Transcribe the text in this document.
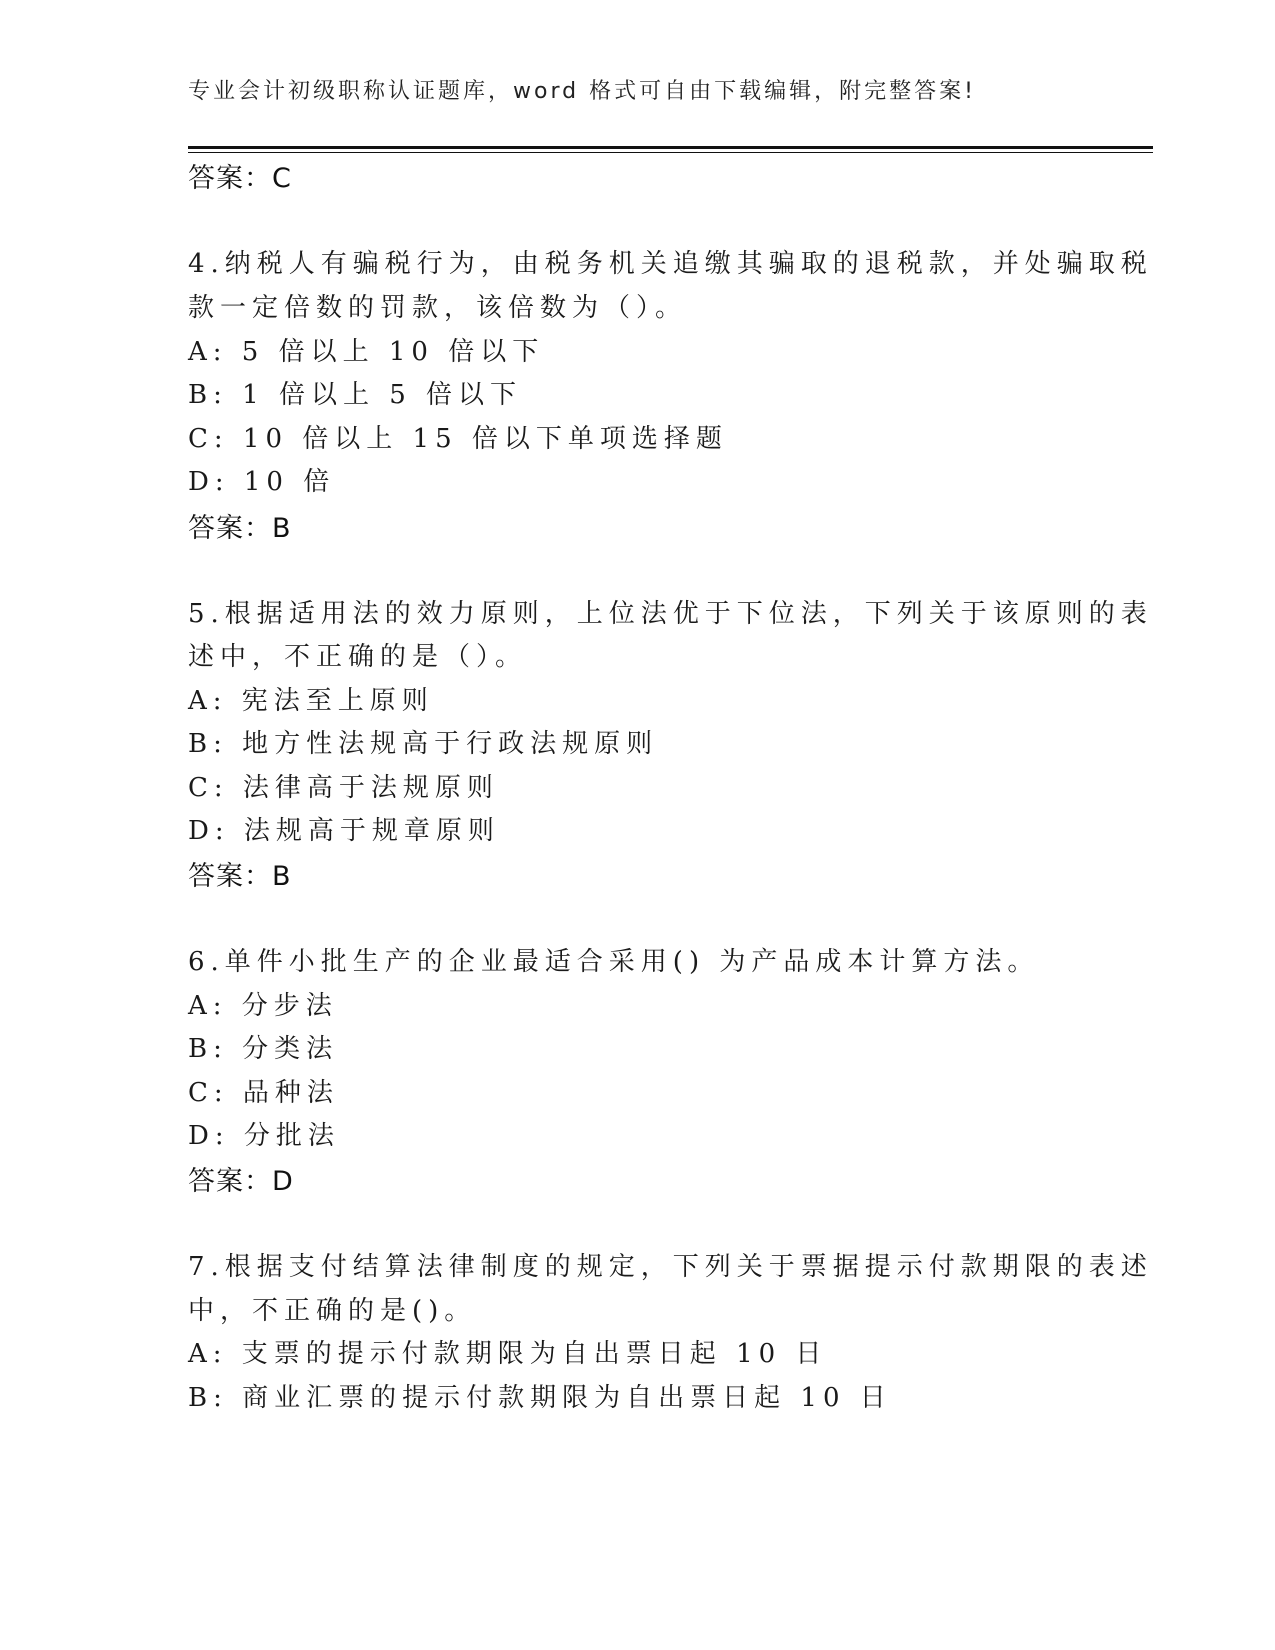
专业会计初级职称认证题库，word 格式可自由下载编辑，附完整答案!
答案：C
4.纳税人有骗税行为，由税务机关追缴其骗取的退税款，并处骗取税
款一定倍数的罚款，该倍数为（）。
A: 5 倍以上 10 倍以下
B: 1 倍以上 5 倍以下
C: 10 倍以上 15 倍以下单项选择题
D: 10 倍
答案：B
5.根据适用法的效力原则，上位法优于下位法，下列关于该原则的表
述中，不正确的是（）。
A: 宪法至上原则
B: 地方性法规高于行政法规原则
C: 法律高于法规原则
D: 法规高于规章原则
答案：B
6.单件小批生产的企业最适合采用() 为产品成本计算方法。
A: 分步法
B: 分类法
C: 品种法
D: 分批法
答案：D
7.根据支付结算法律制度的规定，下列关于票据提示付款期限的表述
中，不正确的是()。
A: 支票的提示付款期限为自出票日起 10 日
B: 商业汇票的提示付款期限为自出票日起 10 日
